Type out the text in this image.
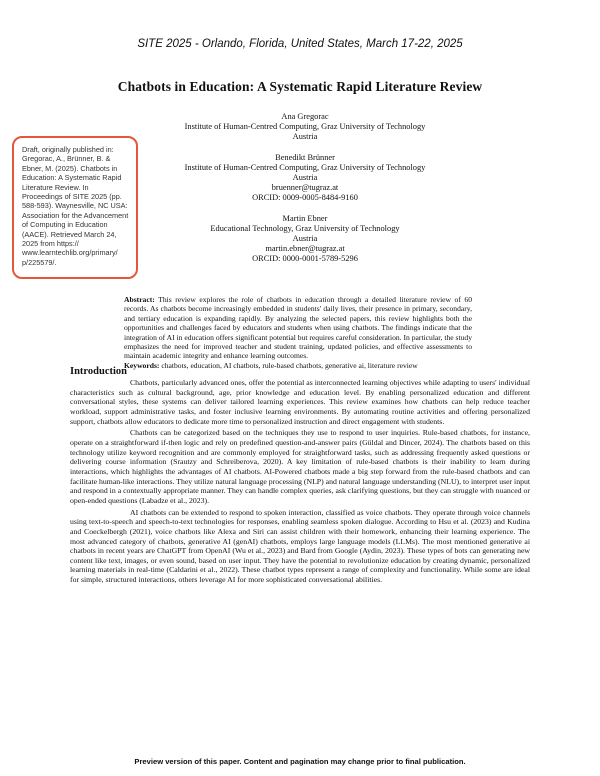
SITE 2025 - Orlando, Florida, United States, March 17-22, 2025
Chatbots in Education: A Systematic Rapid Literature Review
Ana Gregorac
Institute of Human-Centred Computing, Graz University of Technology
Austria
Benedikt Brünner
Institute of Human-Centred Computing, Graz University of Technology
Austria
bruenner@tugraz.at
ORCID: 0009-0005-8484-9160
Martin Ebner
Educational Technology, Graz University of Technology
Austria
martin.ebner@tugraz.at
ORCID: 0000-0001-5789-5296
Draft, originally published in: Gregorac, A., Brünner, B. & Ebner, M. (2025). Chatbots in Education: A Systematic Rapid Literature Review. In Proceedings of SITE 2025 (pp. 588-593). Waynesville, NC USA: Association for the Advancement of Computing in Education (AACE). Retrieved March 24, 2025 from https:// www.learntechlib.org/primary/ p/225579/.
Abstract: This review explores the role of chatbots in education through a detailed literature review of 60 records. As chatbots become increasingly embedded in students' daily lives, their presence in primary, secondary, and tertiary education is expanding rapidly. By analyzing the selected papers, this review highlights both the opportunities and challenges faced by educators and students when using chatbots. The findings indicate that the integration of AI in education offers significant potential but requires careful consideration. In particular, the study emphasizes the need for improved teacher and student training, updated policies, and effective assessments to maintain academic integrity and enhance learning outcomes.
Keywords: chatbots, education, AI chatbots, rule-based chatbots, generative ai, literature review
Introduction

Chatbots, particularly advanced ones, offer the potential as interconnected learning objectives while adapting to users' individual characteristics such as cultural background, age, prior knowledge and education level. By enabling personalized education and different conversational styles, these systems can deliver tailored learning experiences. This review examines how chatbots can help reduce teacher workload, support administrative tasks, and foster inclusive learning environments. By automating routine activities and offering personalized support, chatbots allow educators to dedicate more time to personalized instruction and direct engagement with students.

Chatbots can be categorized based on the techniques they use to respond to user inquiries. Rule-based chatbots, for instance, operate on a straightforward if-then logic and rely on predefined question-and-answer pairs (Güldal and Dincer, 2024). The chatbots based on this technology utilize keyword recognition and are commonly employed for straightforward tasks, such as addressing frequently asked questions or delivering course information (Srautzy and Schreiberova, 2020). A key limitation of rule-based chatbots is their inability to learn during interactions, which highlights the advantages of AI chatbots. AI-Powered chatbots made a big step forward from the rule-based chatbots and can facilitate human-like interactions. They utilize natural language processing (NLP) and natural language understanding (NLU), to interpret user input and respond in a contextually appropriate manner. They can handle complex queries, ask clarifying questions, but they can struggle with nuanced or open-ended questions (Labadze et al., 2023).

AI chatbots can be extended to respond to spoken interaction, classified as voice chatbots. They operate through voice channels using text-to-speech and speech-to-text technologies for responses, enabling seamless spoken dialogue. According to Hsu et al. (2023) and Kudina and Coeckelbergh (2021), voice chatbots like Alexa and Siri can assist children with their homework, enhancing their learning experience. The most advanced category of chatbots, generative AI (genAI) chatbots, employs large language models (LLMs). The most mentioned generative ai chatbots in recent years are ChatGPT from OpenAI (Wu et al., 2023) and Bard from Google (Aydin, 2023). These types of bots can generating new content like text, images, or even sound, based on user input. They have the potential to revolutionize education by creating dynamic, personalized learning materials in real-time (Caldarini et al., 2022). These chatbot types represent a range of complexity and functionality. While some are ideal for simple, structured interactions, others leverage AI for more sophisticated conversational abilities.

Preview version of this paper. Content and pagination may change prior to final publication.
